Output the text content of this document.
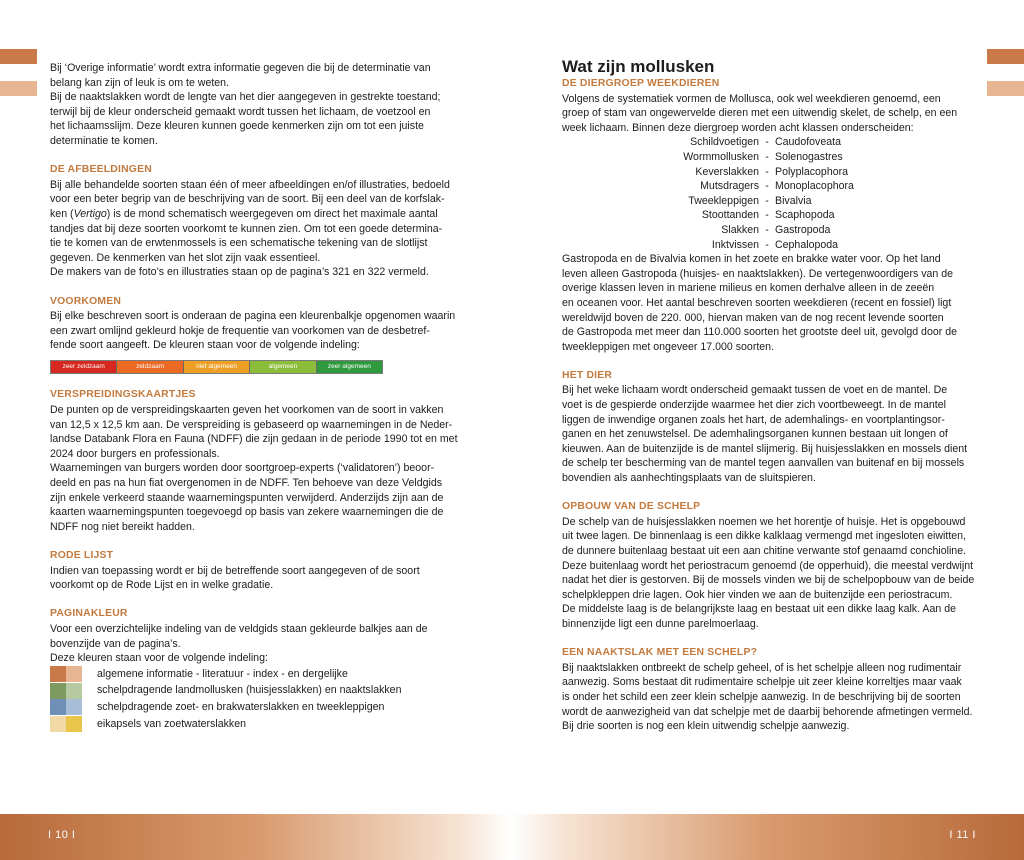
Bij ‘Overige informatie’ wordt extra informatie gegeven die bij de determinatie van

belang kan zijn of leuk is om te weten.

Bij de naaktslakken wordt de lengte van het dier aangegeven in gestrekte toestand;

terwijl bij de kleur onderscheid gemaakt wordt tussen het lichaam, de voetzool en

het lichaamsslijm. Deze kleuren kunnen goede kenmerken zijn om tot een juiste

determinatie te komen.

DE AFBEELDINGEN

Bij alle behandelde soorten staan één of meer afbeeldingen en/of illustraties, bedoeld

voor een beter begrip van de beschrijving van de soort. Bij een deel van de korfslak-

ken (Vertigo) is de mond schematisch weergegeven om direct het maximale aantal

tandjes dat bij deze soorten voorkomt te kunnen zien. Om tot een goede determina-

tie te komen van de erwtenmossels is een schematische tekening van de slotlijst

gegeven. De kenmerken van het slot zijn vaak essentieel.

De makers van de foto’s en illustraties staan op de pagina’s 321 en 322 vermeld.

VOORKOMEN

Bij elke beschreven soort is onderaan de pagina een kleurenbalkje opgenomen waarin

een zwart omlijnd gekleurd hokje de frequentie van voorkomen van de desbetref-

fende soort aangeeft. De kleuren staan voor de volgende indeling:

zeer zeldzaam	zeldzaam	niet algemeen	algemeen	zeer algemeen

VERSPREIDINGSKAARTJES

De punten op de verspreidingskaarten geven het voorkomen van de soort in vakken

van 12,5 x 12,5 km aan. De verspreiding is gebaseerd op waarnemingen in de Neder-

landse Databank Flora en Fauna (NDFF) die zijn gedaan in de periode 1990 tot en met

2024 door burgers en professionals.

Waarnemingen van burgers worden door soortgroep-experts (‘validatoren’) beoor-

deeld en pas na hun fiat overgenomen in de NDFF. Ten behoeve van deze Veldgids

zijn enkele verkeerd staande waarnemingspunten verwijderd. Anderzijds zijn aan de

kaarten waarnemingspunten toegevoegd op basis van zekere waarnemingen die de

NDFF nog niet bereikt hadden.

RODE LIJST

Indien van toepassing wordt er bij de betreffende soort aangegeven of de soort

voorkomt op de Rode Lijst en in welke gradatie.

PAGINAKLEUR

Voor een overzichtelijke indeling van de veldgids staan gekleurde balkjes aan de

bovenzijde van de pagina’s.

Deze kleuren staan voor de volgende indeling:

algemene informatie - literatuur - index - en dergelijke
schelpdragende landmollusken (huisjesslakken) en naaktslakken
schelpdragende zoet- en brakwaterslakken en tweekleppigen
eikapsels van zoetwaterslakken

Wat zijn mollusken

DE DIERGROEP WEEKDIEREN

Volgens de systematiek vormen de Mollusca, ook wel weekdieren genoemd, een

groep of stam van ongewervelde dieren met een uitwendig skelet, de schelp, en een

week lichaam. Binnen deze diergroep worden acht klassen onderscheiden:

Schildvoetigen - Caudofoveata
Wormmollusken - Solenogastres
Keverslakken - Polyplacophora
Mutsdragers - Monoplacophora
Tweekleppigen - Bivalvia
Stoottanden - Scaphopoda
Slakken - Gastropoda
Inktvissen - Cephalopoda

Gastropoda en de Bivalvia komen in het zoete en brakke water voor. Op het land

leven alleen Gastropoda (huisjes- en naaktslakken). De vertegenwoordigers van de

overige klassen leven in mariene milieus en komen derhalve alleen in de zeeën

en oceanen voor. Het aantal beschreven soorten weekdieren (recent en fossiel) ligt

wereldwijd boven de 220. 000, hiervan maken van de nog recent levende soorten

de Gastropoda met meer dan 110.000 soorten het grootste deel uit, gevolgd door de

tweekleppigen met ongeveer 17.000 soorten.

HET DIER

Bij het weke lichaam wordt onderscheid gemaakt tussen de voet en de mantel. De

voet is de gespierde onderzijde waarmee het dier zich voortbeweegt. In de mantel

liggen de inwendige organen zoals het hart, de ademhalings- en voortplantingsor-

ganen en het zenuwstelsel. De ademhalingsorganen kunnen bestaan uit longen of

kieuwen. Aan de buitenzijde is de mantel slijmerig. Bij huisjesslakken en mossels dient

de schelp ter bescherming van de mantel tegen aanvallen van buitenaf en bij mossels

bovendien als aanhechtingsplaats van de sluitspieren.

OPBOUW VAN DE SCHELP

De schelp van de huisjesslakken noemen we het horentje of huisje. Het is opgebouwd

uit twee lagen. De binnenlaag is een dikke kalklaag vermengd met ingesloten eiwitten,

de dunnere buitenlaag bestaat uit een aan chitine verwante stof genaamd conchioline.

Deze buitenlaag wordt het periostracum genoemd (de opperhuid), die meestal verdwijnt

nadat het dier is gestorven. Bij de mossels vinden we bij de schelpopbouw van de beide

schelpkleppen drie lagen. Ook hier vinden we aan de buitenzijde een periostracum.

De middelste laag is de belangrijkste laag en bestaat uit een dikke laag kalk. Aan de

binnenzijde ligt een dunne parelmoerlaag.

EEN NAAKTSLAK MET EEN SCHELP?

Bij naaktslakken ontbreekt de schelp geheel, of is het schelpje alleen nog rudimentair

aanwezig. Soms bestaat dit rudimentaire schelpje uit zeer kleine korreltjes maar vaak

is onder het schild een zeer klein schelpje aanwezig. In de beschrijving bij de soorten

wordt de aanwezigheid van dat schelpje met de daarbij behorende afmetingen vermeld.

Bij drie soorten is nog een klein uitwendig schelpje aanwezig.

I 10 I	I 11 I
